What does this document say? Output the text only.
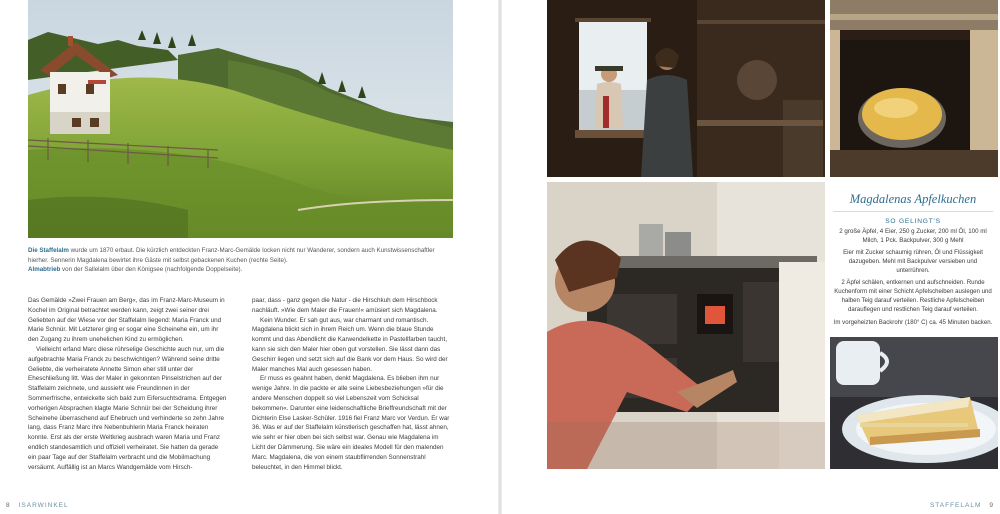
Die Staffelalm wurde um 1870 erbaut. Die kürzlich entdeckten Franz-Marc-Gemälde locken nicht nur Wanderer, sondern auch Kunstwissenschaftler hierher. Sennerin Magdalena bewirtet ihre Gäste mit selbst gebackenen Kuchen (rechte Seite).
Almabtrieb von der Sallelalm über den Königsee (nachfolgende Doppelseite).

Das Gemälde »Zwei Frauen am Berg«, das im Franz-Marc-Museum in Kochel im Original betrachtet werden kann, zeigt zwei seiner drei Geliebten auf der Wiese vor der Staffelalm liegend: Maria Franck und Marie Schnür. Mit Letzterer ging er sogar eine Scheinehe ein, um ihr den Zugang zu ihrem unehelichen Kind zu ermöglichen.

Vielleicht erfand Marc diese rührselige Geschichte auch nur, um die aufgebrachte Maria Franck zu beschwichtigen? Während seine dritte Geliebte, die verheiratete Annette Simon eher still unter der Eheschließung litt. Was der Maler in gekonnten Pinselstrichen auf der Staffelalm zeichnete, und aussieht wie Freundinnen in der Sommerfrische, entwickelte sich bald zum Eifersuchtsdrama. Entgegen vorherigen Absprachen klagte Marie Schnür bei der Scheidung ihrer Scheinehe überraschend auf Ehebruch und verhinderte so zehn Jahre lang, dass Franz Marc ihre Nebenbuhlerin Maria Franck heiraten konnte. Erst als der erste Weltkrieg ausbrach waren Maria und Franz endlich standesamtlich und offiziell verheiratet. Sie hatten da gerade ein paar Tage auf der Staffelalm verbracht und die Mobilmachung versäumt. Auffällig ist an Marcs Wandgemälde vom Hirsch-

paar, dass - ganz gegen die Natur - die Hirschkuh dem Hirschbock nachläuft. »Wie dem Maler die Frauen!« amüsiert sich Magdalena.

Kein Wunder. Er sah gut aus, war charmant und romantisch. Magdalena blickt sich in ihrem Reich um. Wenn die blaue Stunde kommt und das Abendlicht die Karwendelkette in Pastellfarben taucht, kann sie sich den Maler hier oben gut vorstellen. Sie lässt dann das Geschirr liegen und setzt sich auf die Bank vor dem Haus. So wird der Maler manches Mal auch gesessen haben.

Er muss es geahnt haben, denkt Magdalena. Es blieben ihm nur wenige Jahre. In die packte er alle seine Liebesbeziehungen »für die andere Menschen doppelt so viel Lebenszeit vom Schicksal bekommen«. Darunter eine leidenschaftliche Brieffreundschaft mit der Dichterin Else Lasker-Schüler. 1916 fiel Franz Marc vor Verdun. Er war 36. Was er auf der Staffelalm künstlerisch geschaffen hat, lässt ahnen, wie sehr er hier oben bei sich selbst war. Genau wie Magdalena im Licht der Dämmerung. Sie wäre ein ideales Modell für den malenden Marc. Magdalena, die von einem staubflirrenden Sonnenstrahl beleuchtet, in den Himmel blickt.

8 ISARWINKEL
Magdalenas Apfelkuchen
SO GELINGT'S
2 große Äpfel, 4 Eier, 250 g Zucker, 200 ml Öl, 100 ml Milch, 1 Pck. Backpulver, 300 g Mehl
Eier mit Zucker schaumig rühren, Öl und Flüssigkeit dazugeben. Mehl mit Backpulver versieben und unterrühren.
2 Äpfel schälen, entkernen und aufschneiden. Runde Kuchenform mit einer Schicht Apfelscheiben auslegen und halben Teig darauf verteilen. Restliche Apfelscheiben darauflegen und restlichen Teig darauf verteilen.
Im vorgeheizten Backrohr (180° C) ca. 45 Minuten backen.
STAFFELALM 9
